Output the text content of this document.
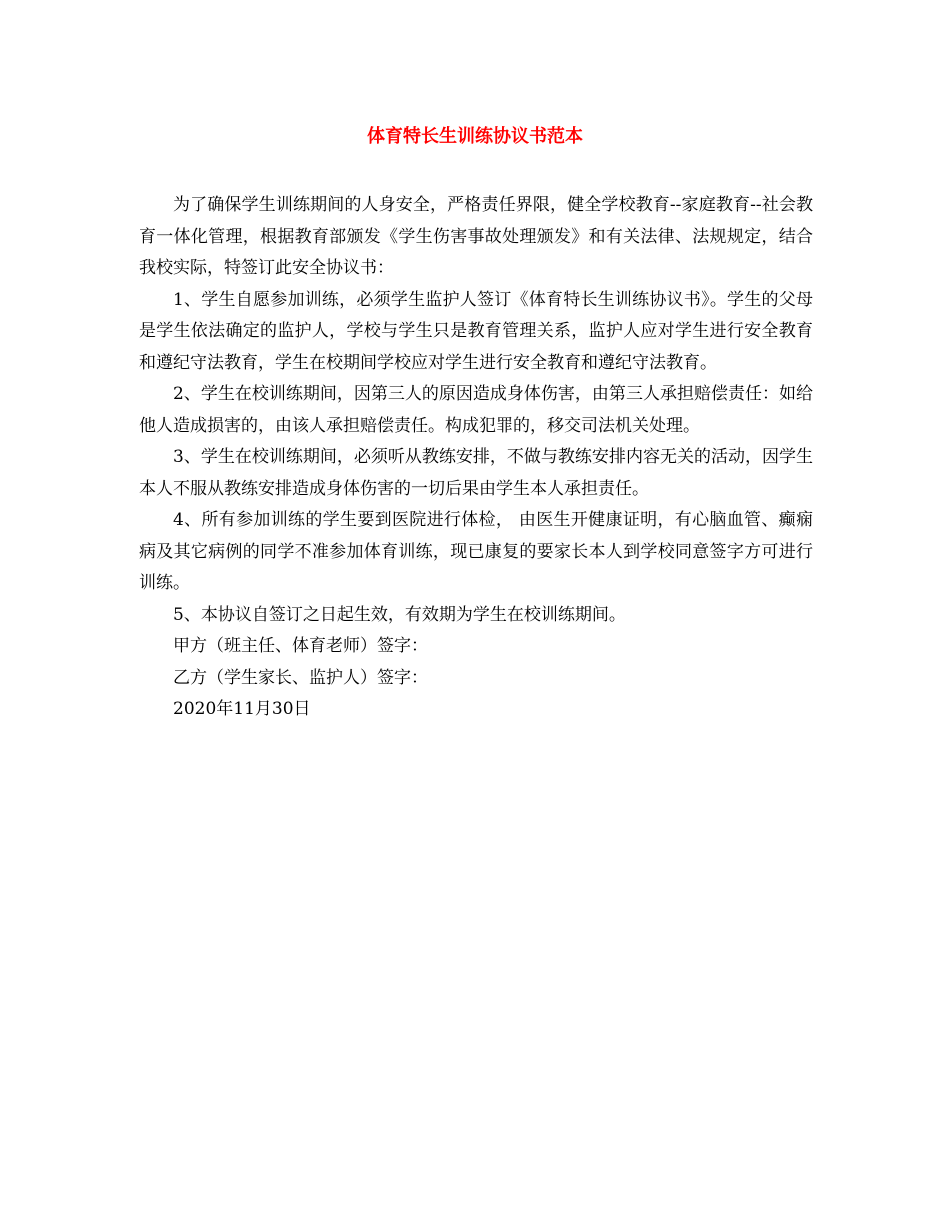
体育特长生训练协议书范本

为了确保学生训练期间的人身安全，严格责任界限，健全学校教育--家庭教育--社会教育一体化管理，根据教育部颁发《学生伤害事故处理颁发》和有关法律、法规规定，结合我校实际，特签订此安全协议书：

1、学生自愿参加训练，必须学生监护人签订《体育特长生训练协议书》。学生的父母是学生依法确定的监护人，学校与学生只是教育管理关系，监护人应对学生进行安全教育和遵纪守法教育，学生在校期间学校应对学生进行安全教育和遵纪守法教育。

2、学生在校训练期间，因第三人的原因造成身体伤害，由第三人承担赔偿责任：如给他人造成损害的，由该人承担赔偿责任。构成犯罪的，移交司法机关处理。

3、学生在校训练期间，必须听从教练安排，不做与教练安排内容无关的活动，因学生本人不服从教练安排造成身体伤害的一切后果由学生本人承担责任。

4、所有参加训练的学生要到医院进行体检， 由医生开健康证明，有心脑血管、癫痫病及其它病例的同学不准参加体育训练，现已康复的要家长本人到学校同意签字方可进行训练。

5、本协议自签订之日起生效，有效期为学生在校训练期间。

甲方（班主任、体育老师）签字：

乙方（学生家长、监护人）签字：

2020年11月30日
